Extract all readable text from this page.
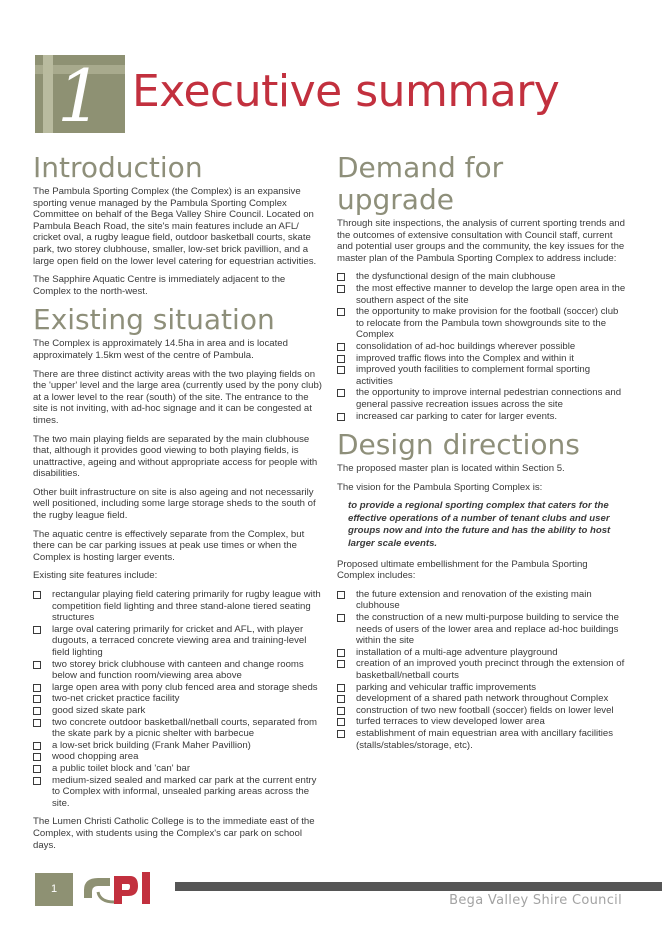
1 Executive summary
Introduction

The Pambula Sporting Complex (the Complex) is an expansive sporting venue managed by the Pambula Sporting Complex Committee on behalf of the Bega Valley Shire Council. Located on Pambula Beach Road, the site's main features include an AFL/ cricket oval, a rugby league field, outdoor basketball courts, skate park, two storey clubhouse, smaller, low-set brick pavillion, and a large open field on the lower level catering for equestrian activities.

The Sapphire Aquatic Centre is immediately adjacent to the Complex to the north-west.

Existing situation

The Complex is approximately 14.5ha in area and is located approximately 1.5km west of the centre of Pambula.

There are three distinct activity areas with the two playing fields on the 'upper' level and the large area (currently used by the pony club) at a lower level to the rear (south) of the site. The entrance to the site is not inviting, with ad-hoc signage and it can be congested at times.

The two main playing fields are separated by the main clubhouse that, although it provides good viewing to both playing fields, is unattractive, ageing and without appropriate access for people with disabilities.

Other built infrastructure on site is also ageing and not necessarily well positioned, including some large storage sheds to the south of the rugby league field.

The aquatic centre is effectively separate from the Complex, but there can be car parking issues at peak use times or when the Complex is hosting larger events.

Existing site features include:

rectangular playing field catering primarily for rugby league with competition field lighting and three stand-alone tiered seating structures
large oval catering primarily for cricket and AFL, with player dugouts, a terraced concrete viewing area and training-level field lighting
two storey brick clubhouse with canteen and change rooms below and function room/viewing area above
large open area with pony club fenced area and storage sheds
two-net cricket practice facility
good sized skate park
two concrete outdoor basketball/netball courts, separated from the skate park by a picnic shelter with barbecue
a low-set brick building (Frank Maher Pavillion)
wood chopping area
a public toilet block and 'can' bar
medium-sized sealed and marked car park at the current entry to Complex with informal, unsealed parking areas across the site.

The Lumen Christi Catholic College is to the immediate east of the Complex, with students using the Complex's car park on school days.

Demand for upgrade

Through site inspections, the analysis of current sporting trends and the outcomes of extensive consultation with Council staff, current and potential user groups and the community, the key issues for the master plan of the Pambula Sporting Complex to address include:

the dysfunctional design of the main clubhouse
the most effective manner to develop the large open area in the southern aspect of the site
the opportunity to make provision for the football (soccer) club to relocate from the Pambula town showgrounds site to the Complex
consolidation of ad-hoc buildings wherever possible
improved traffic flows into the Complex and within it
improved youth facilities to complement formal sporting activities
the opportunity to improve internal pedestrian connections and general passive recreation issues across the site
increased car parking to cater for larger events.
Design directions

The proposed master plan is located within Section 5.

The vision for the Pambula Sporting Complex is:

to provide a regional sporting complex that caters for the effective operations of a number of tenant clubs and user groups now and into the future and has the ability to host larger scale events.

Proposed ultimate embellishment for the Pambula Sporting Complex includes:

the future extension and renovation of the existing main clubhouse
the construction of a new multi-purpose building to service the needs of users of the lower area and replace ad-hoc buildings within the site
installation of a multi-age adventure playground
creation of an improved youth precinct through the extension of basketball/netball courts
parking and vehicular traffic improvements
development of a shared path network throughout Complex
construction of two new football (soccer) fields on lower level
turfed terraces to view developed lower area
establishment of main equestrian area with ancillary facilities (stalls/stables/storage, etc).
1
Bega Valley Shire Council
